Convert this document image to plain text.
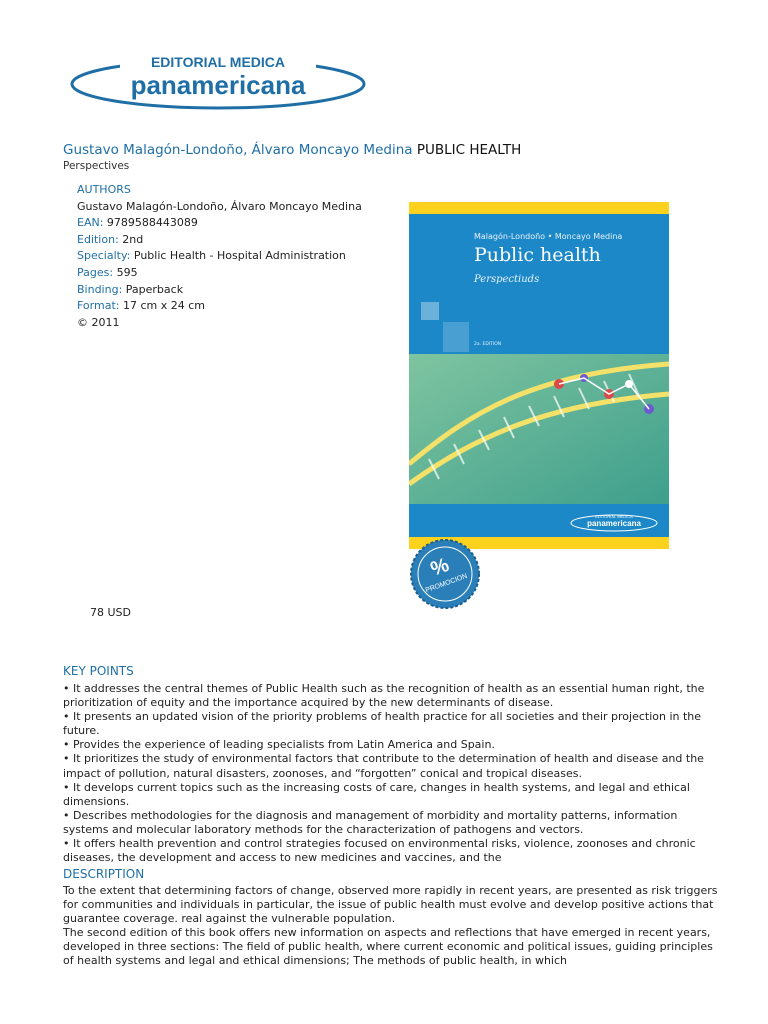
EDITORIAL MEDICA
panamericana
Gustavo Malagón-Londoño, Álvaro Moncayo Medina PUBLIC HEALTH
Perspectives
AUTHORS
Gustavo Malagón-Londoño, Álvaro Moncayo Medina
EAN: 9789588443089
Edition: 2nd
Specialty: Public Health - Hospital Administration
Pages: 595
Binding: Paperback
Format: 17 cm x 24 cm
© 2011
Malagón-Londoño • Moncayo Medina
Public health
Perspectiuds
2a. EDITION
EDITORIAL MEDICA
panamericana
%
PROMOCION
78 USD
KEY POINTS
• It addresses the central themes of Public Health such as the recognition of health as an essential human right, the prioritization of equity and the importance acquired by the new determinants of disease.
• It presents an updated vision of the priority problems of health practice for all societies and their projection in the future.
• Provides the experience of leading specialists from Latin America and Spain.
• It prioritizes the study of environmental factors that contribute to the determination of health and disease and the impact of pollution, natural disasters, zoonoses, and “forgotten” conical and tropical diseases.
• It develops current topics such as the increasing costs of care, changes in health systems, and legal and ethical dimensions.
• Describes methodologies for the diagnosis and management of morbidity and mortality patterns, information systems and molecular laboratory methods for the characterization of pathogens and vectors.
• It offers health prevention and control strategies focused on environmental risks, violence, zoonoses and chronic diseases, the development and access to new medicines and vaccines, and the
DESCRIPTION

To the extent that determining factors of change, observed more rapidly in recent years, are presented as risk triggers for communities and individuals in particular, the issue of public health must evolve and develop positive actions that guarantee coverage. real against the vulnerable population.

The second edition of this book offers new information on aspects and reflections that have emerged in recent years, developed in three sections: The field of public health, where current economic and political issues, guiding principles of health systems and legal and ethical dimensions; The methods of public health, in which
